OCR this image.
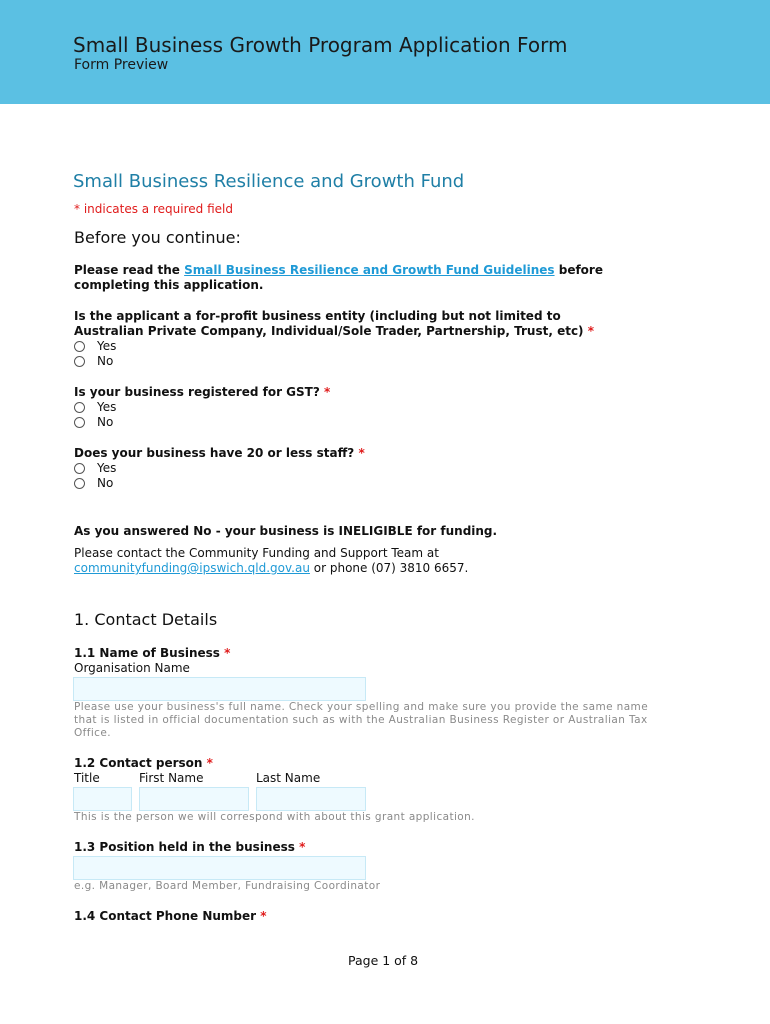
Small Business Growth Program Application Form
Form Preview
Small Business Resilience and Growth Fund
* indicates a required field
Before you continue:
Please read the Small Business Resilience and Growth Fund Guidelines before
completing this application.
Is the applicant a for-profit business entity (including but not limited to
Australian Private Company, Individual/Sole Trader, Partnership, Trust, etc) *
Yes
No
Is your business registered for GST? *
Yes
No
Does your business have 20 or less staff? *
Yes
No
As you answered No - your business is INELIGIBLE for funding.
Please contact the Community Funding and Support Team at
communityfunding@ipswich.qld.gov.au or phone (07) 3810 6657.
1. Contact Details
1.1 Name of Business *
Organisation Name
Please use your business's full name. Check your spelling and make sure you provide the same name
that is listed in official documentation such as with the Australian Business Register or Australian Tax
Office.
1.2 Contact person *
Title	First Name	Last Name
This is the person we will correspond with about this grant application.
1.3 Position held in the business *
e.g. Manager, Board Member, Fundraising Coordinator
1.4 Contact Phone Number *
Page 1 of 8
